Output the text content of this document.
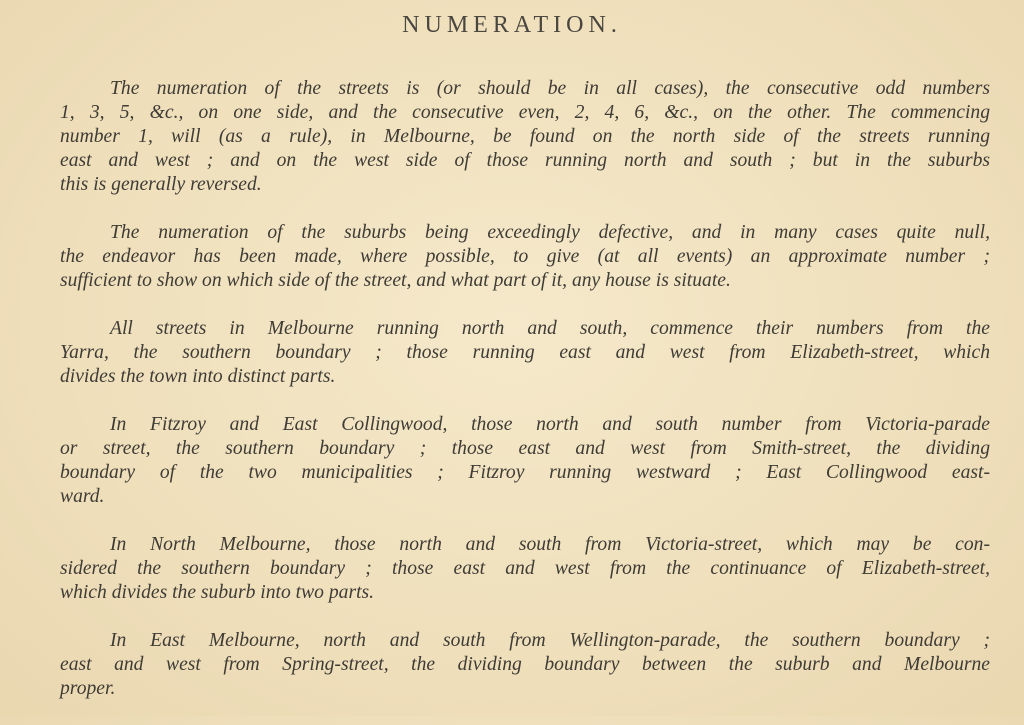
NUMERATION.

The numeration of the streets is (or should be in all cases), the consecutive odd numbers
1, 3, 5, &c., on one side, and the consecutive even, 2, 4, 6, &c., on the other. The commencing
number 1, will (as a rule), in Melbourne, be found on the north side of the streets running
east and west ; and on the west side of those running north and south ; but in the suburbs
this is generally reversed.

The numeration of the suburbs being exceedingly defective, and in many cases quite null,
the endeavor has been made, where possible, to give (at all events) an approximate number ;
sufficient to show on which side of the street, and what part of it, any house is situate.

All streets in Melbourne running north and south, commence their numbers from the
Yarra, the southern boundary ; those running east and west from Elizabeth-street, which
divides the town into distinct parts.

In Fitzroy and East Collingwood, those north and south number from Victoria-parade
or street, the southern boundary ; those east and west from Smith-street, the dividing
boundary of the two municipalities ; Fitzroy running westward ; East Collingwood east-
ward.

In North Melbourne, those north and south from Victoria-street, which may be con-
sidered the southern boundary ; those east and west from the continuance of Elizabeth-street,
which divides the suburb into two parts.

In East Melbourne, north and south from Wellington-parade, the southern boundary ;
east and west from Spring-street, the dividing boundary between the suburb and Melbourne
proper.
